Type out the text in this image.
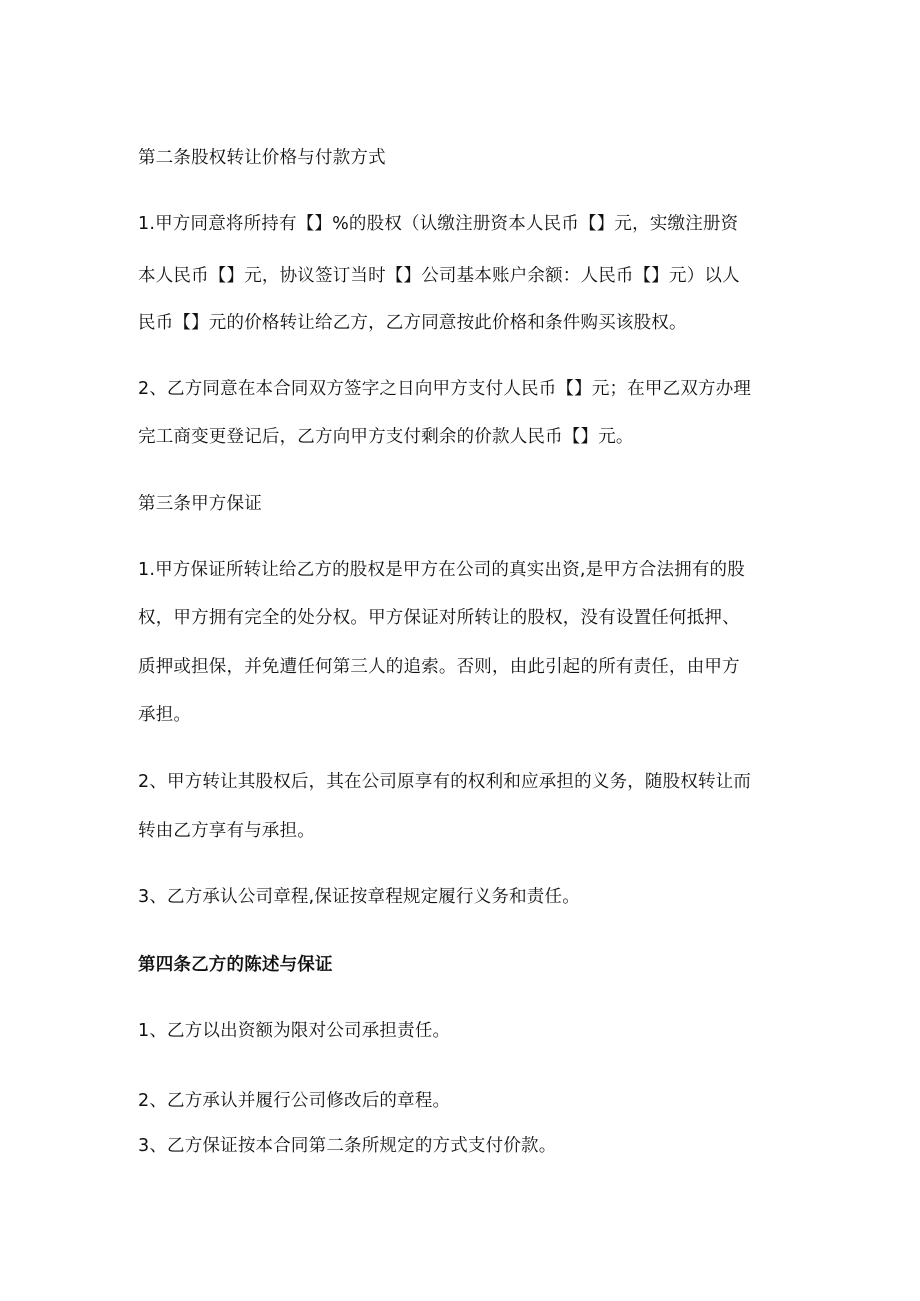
第二条股权转让价格与付款方式
1.甲方同意将所持有【】%的股权（认缴注册资本人民币【】元，实缴注册资
本人民币【】元，协议签订当时【】公司基本账户余额：人民币【】元）以人
民币【】元的价格转让给乙方，乙方同意按此价格和条件购买该股权。
2、乙方同意在本合同双方签字之日向甲方支付人民币【】元；在甲乙双方办理
完工商变更登记后，乙方向甲方支付剩余的价款人民币【】元。
第三条甲方保证
1.甲方保证所转让给乙方的股权是甲方在公司的真实出资,是甲方合法拥有的股
权，甲方拥有完全的处分权。甲方保证对所转让的股权，没有设置任何抵押、
质押或担保，并免遭任何第三人的追索。否则，由此引起的所有责任，由甲方
承担。
2、甲方转让其股权后，其在公司原享有的权利和应承担的义务，随股权转让而
转由乙方享有与承担。
3、乙方承认公司章程,保证按章程规定履行义务和责任。
第四条乙方的陈述与保证
1、乙方以出资额为限对公司承担责任。
2、乙方承认并履行公司修改后的章程。
3、乙方保证按本合同第二条所规定的方式支付价款。
